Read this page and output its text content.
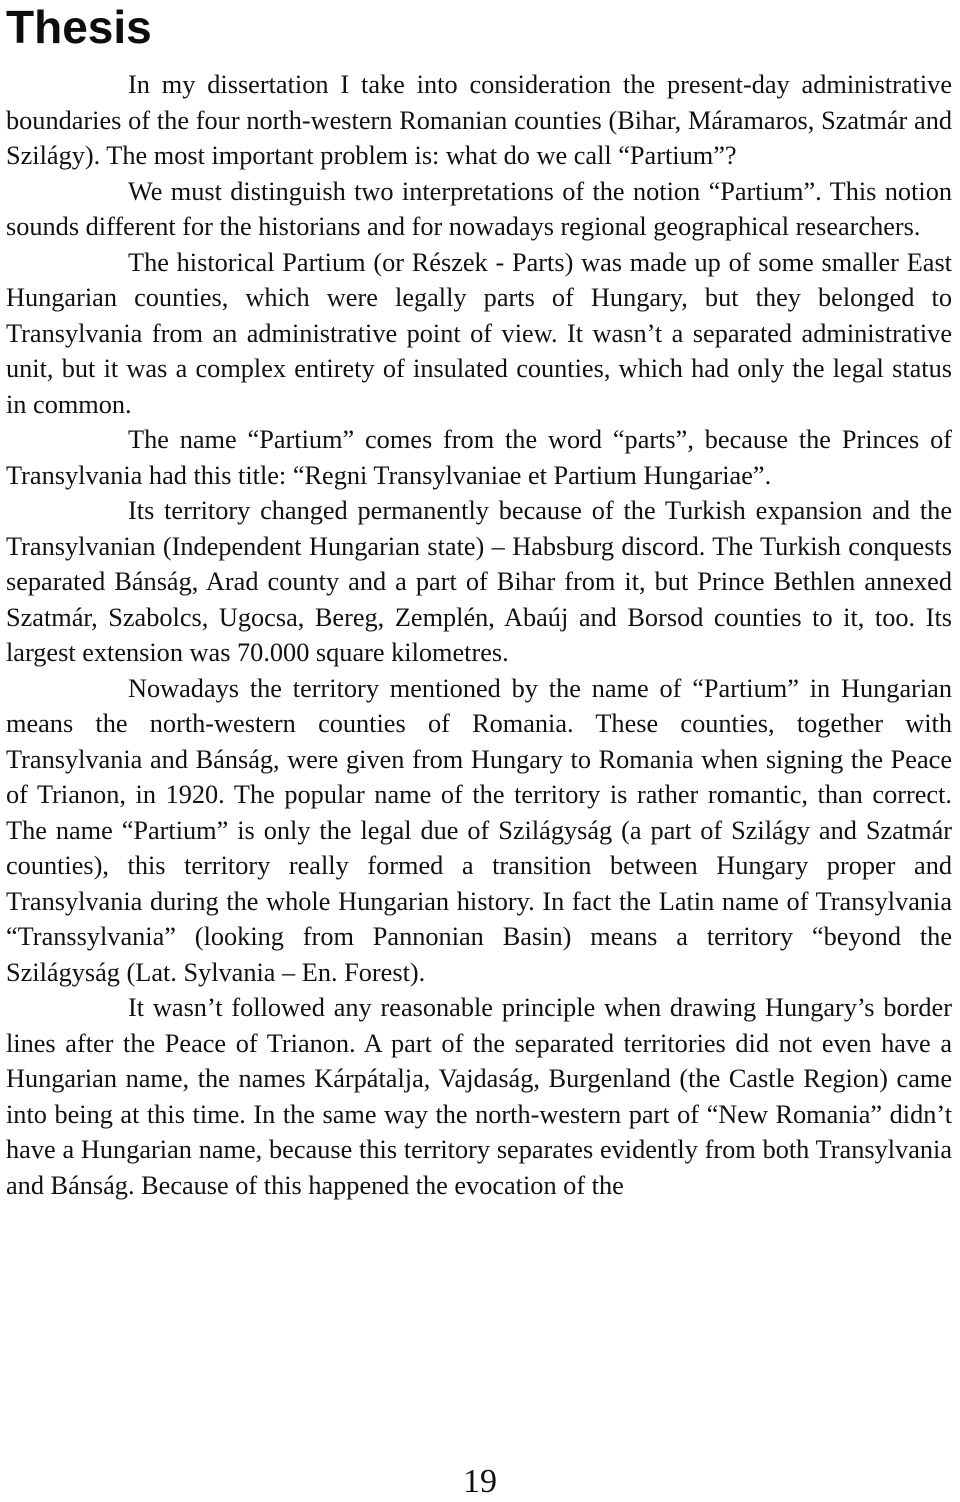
Thesis

In my dissertation I take into consideration the present-day administrative boundaries of the four north-western Romanian counties (Bihar, Máramaros, Szatmár and Szilágy). The most important problem is: what do we call “Partium”?

We must distinguish two interpretations of the notion “Partium”. This notion sounds different for the historians and for nowadays regional geographical researchers.

The historical Partium (or Részek - Parts) was made up of some smaller East Hungarian counties, which were legally parts of Hungary, but they belonged to Transylvania from an administrative point of view. It wasn’t a separated administrative unit, but it was a complex entirety of insulated counties, which had only the legal status in common.

The name “Partium” comes from the word “parts”, because the Princes of Transylvania had this title: “Regni Transylvaniae et Partium Hungariae”.

Its territory changed permanently because of the Turkish expansion and the Transylvanian (Independent Hungarian state) – Habsburg discord. The Turkish conquests separated Bánság, Arad county and a part of Bihar from it, but Prince Bethlen annexed Szatmár, Szabolcs, Ugocsa, Bereg, Zemplén, Abaúj and Borsod counties to it, too. Its largest extension was 70.000 square kilometres.

Nowadays the territory mentioned by the name of “Partium” in Hungarian means the north-western counties of Romania. These counties, together with Transylvania and Bánság, were given from Hungary to Romania when signing the Peace of Trianon, in 1920. The popular name of the territory is rather romantic, than correct. The name “Partium” is only the legal due of Szilágyság (a part of Szilágy and Szatmár counties), this territory really formed a transition between Hungary proper and Transylvania during the whole Hungarian history. In fact the Latin name of Transylvania “Transsylvania” (looking from Pannonian Basin) means a territory “beyond the Szilágyság (Lat. Sylvania – En. Forest).

It wasn’t followed any reasonable principle when drawing Hungary’s border lines after the Peace of Trianon. A part of the separated territories did not even have a Hungarian name, the names Kárpátalja, Vajdaság, Burgenland (the Castle Region) came into being at this time. In the same way the north-western part of “New Romania” didn’t have a Hungarian name, because this territory separates evidently from both Transylvania and Bánság. Because of this happened the evocation of the

19
